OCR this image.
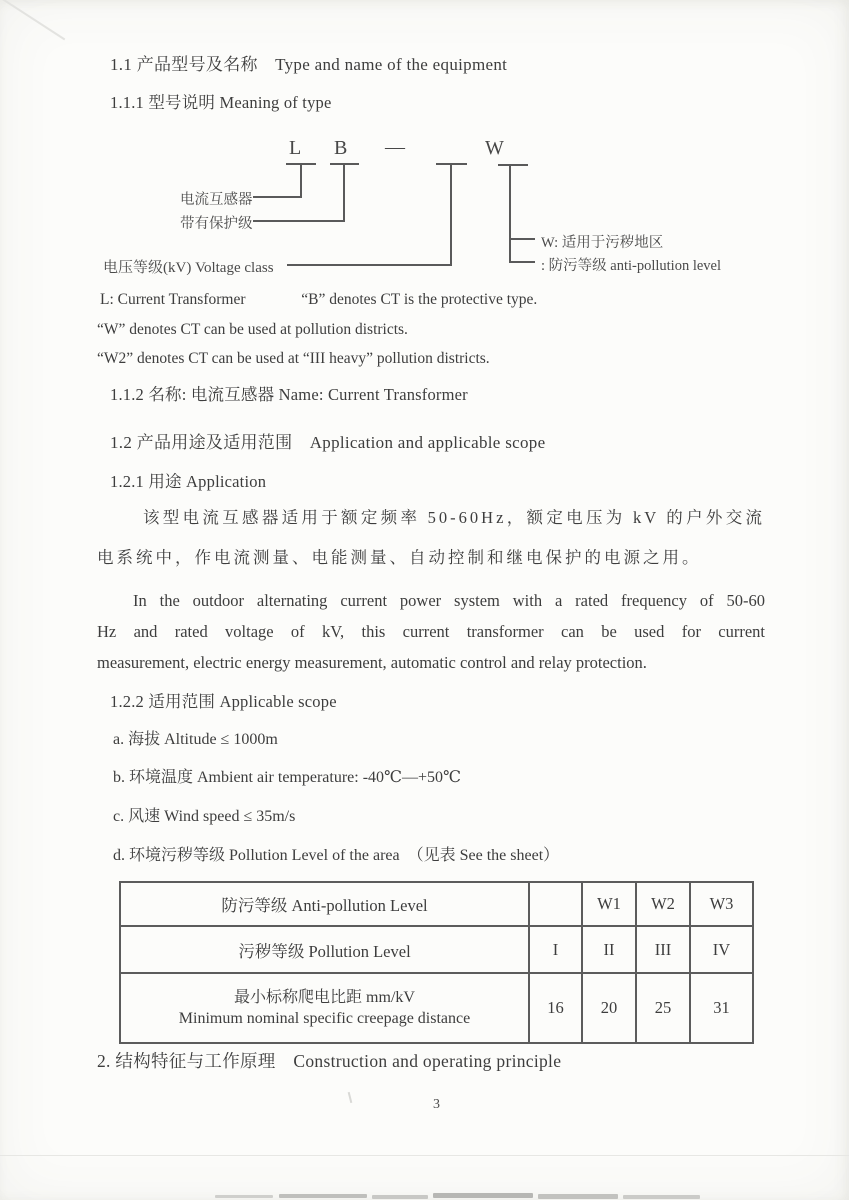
1.1 产品型号及名称　Type and name of the equipment
1.1.1 型号说明 Meaning of type
L B —	W
电流互感器
带有保护级
电压等级(kV) Voltage class
W: 适用于污秽地区
: 防污等级 anti-pollution level
L: Current Transformer	“B” denotes CT is the protective type.
“W” denotes CT can be used at pollution districts.
“W2” denotes CT can be used at “III heavy” pollution districts.
1.1.2 名称: 电流互感器 Name: Current Transformer
1.2 产品用途及适用范围　Application and applicable scope
1.2.1 用途 Application
该型电流互感器适用于额定频率 50-60Hz，额定电压为 kV 的户外交流
电系统中，作电流测量、电能测量、自动控制和继电保护的电源之用。
In the outdoor alternating current power system with a rated frequency of 50-60
Hz and rated voltage of kV, this current transformer can be used for current
measurement, electric energy measurement, automatic control and relay protection.
1.2.2 适用范围 Applicable scope
a. 海拔 Altitude ≤ 1000m
b. 环境温度 Ambient air temperature: -40℃—+50℃
c. 风速 Wind speed ≤ 35m/s
d. 环境污秽等级 Pollution Level of the area　（见表 See the sheet）
防污等级 Anti-pollution Level		W1	W2	W3
污秽等级 Pollution Level	I	II	III	IV

最小标称爬电比距 mm/kV
Minimum nominal specific creepage distance	16	20	25	31
2. 结构特征与工作原理　Construction and operating principle
3
